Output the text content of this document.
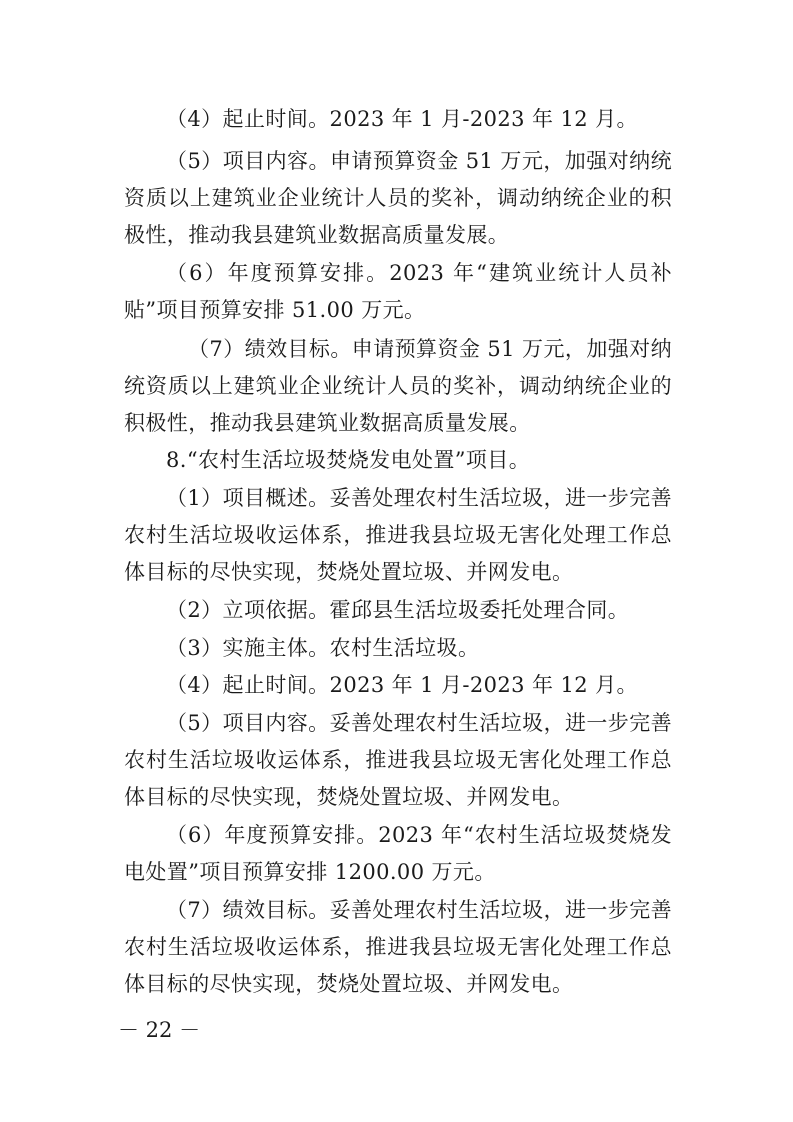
（4）起止时间。2023 年 1 月-2023 年 12 月。

（5）项目内容。申请预算资金 51 万元，加强对纳统资质以上建筑业企业统计人员的奖补，调动纳统企业的积极性，推动我县建筑业数据高质量发展。

（6）年度预算安排。2023 年“建筑业统计人员补贴”项目预算安排 51.00 万元。

（7）绩效目标。申请预算资金 51 万元，加强对纳统资质以上建筑业企业统计人员的奖补，调动纳统企业的积极性，推动我县建筑业数据高质量发展。

8.“农村生活垃圾焚烧发电处置”项目。

（1）项目概述。妥善处理农村生活垃圾，进一步完善农村生活垃圾收运体系，推进我县垃圾无害化处理工作总体目标的尽快实现，焚烧处置垃圾、并网发电。

（2）立项依据。霍邱县生活垃圾委托处理合同。

（3）实施主体。农村生活垃圾。

（4）起止时间。2023 年 1 月-2023 年 12 月。

（5）项目内容。妥善处理农村生活垃圾，进一步完善农村生活垃圾收运体系，推进我县垃圾无害化处理工作总体目标的尽快实现，焚烧处置垃圾、并网发电。

（6）年度预算安排。2023 年“农村生活垃圾焚烧发电处置”项目预算安排 1200.00 万元。

（7）绩效目标。妥善处理农村生活垃圾，进一步完善农村生活垃圾收运体系，推进我县垃圾无害化处理工作总体目标的尽快实现，焚烧处置垃圾、并网发电。

－ 22 －
